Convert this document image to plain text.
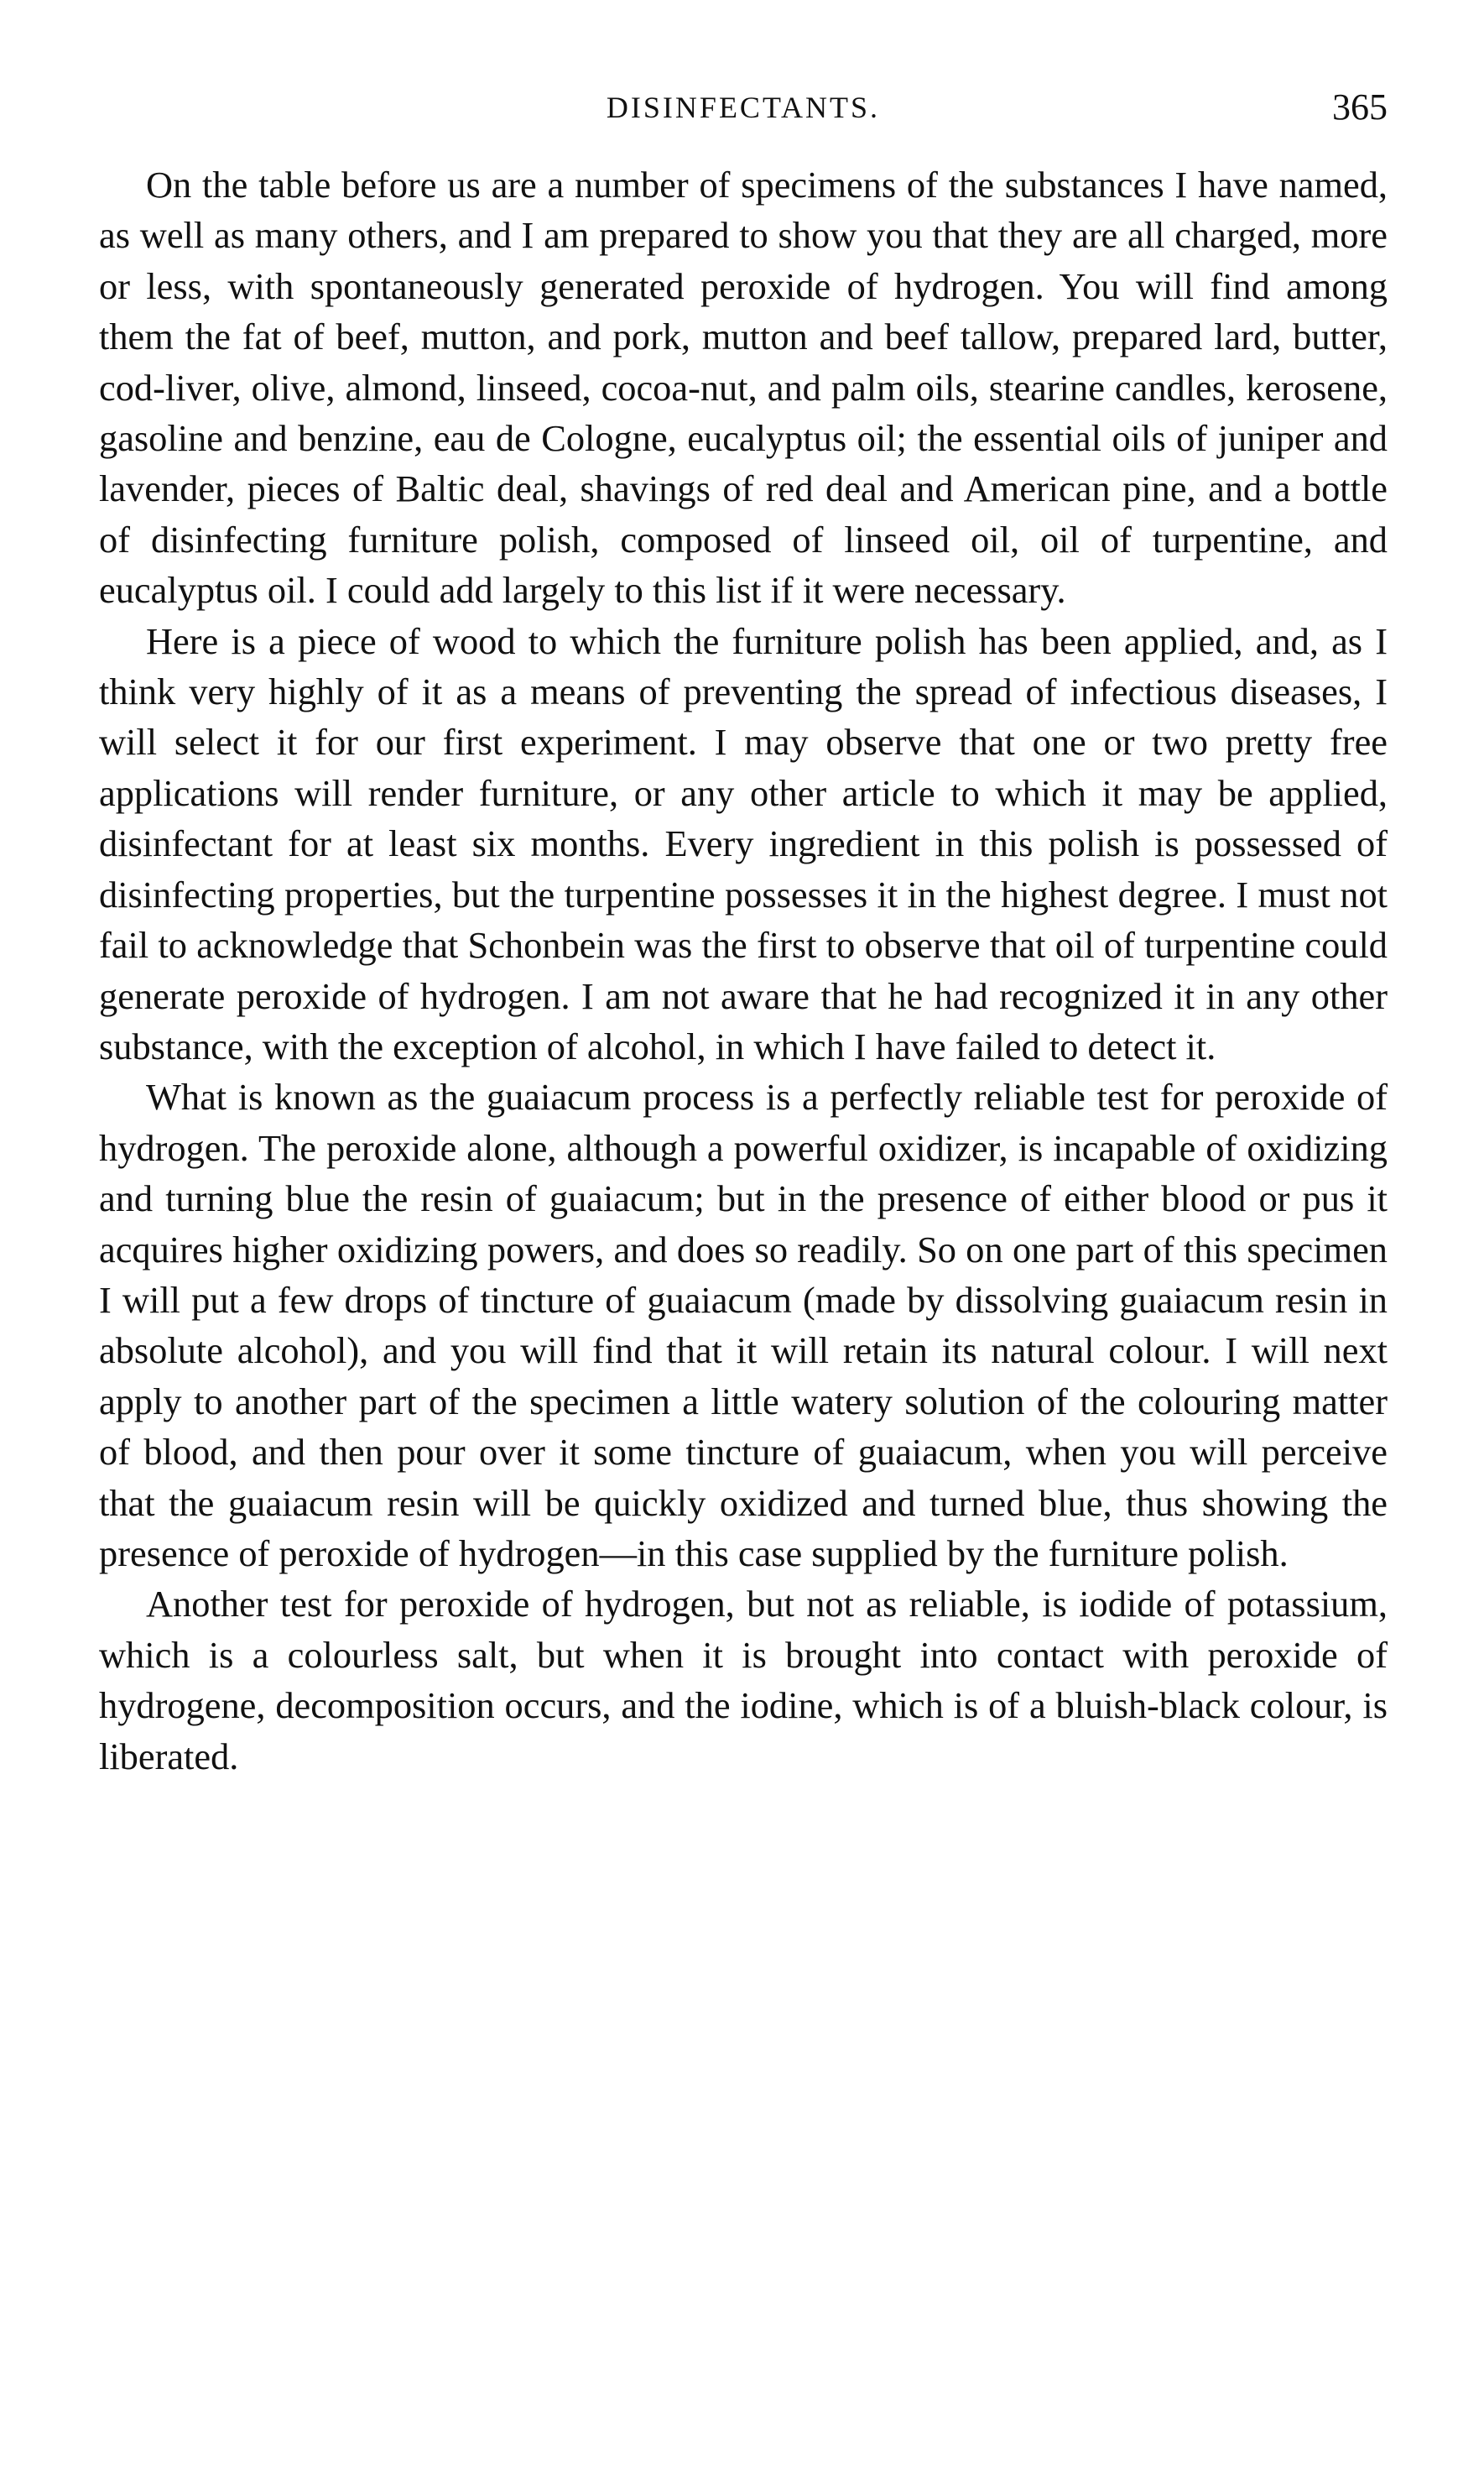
DISINFECTANTS.	365

On the table before us are a number of specimens of the substances I have named, as well as many others, and I am prepared to show you that they are all charged, more or less, with spontaneously generated peroxide of hydrogen. You will find among them the fat of beef, mutton, and pork, mutton and beef tallow, prepared lard, butter, cod-liver, olive, almond, linseed, cocoa-nut, and palm oils, stearine candles, kerosene, gasoline and benzine, eau de Cologne, eucalyptus oil; the essential oils of juniper and lavender, pieces of Baltic deal, shavings of red deal and American pine, and a bottle of disinfecting furniture polish, composed of linseed oil, oil of turpentine, and eucalyptus oil. I could add largely to this list if it were necessary.

Here is a piece of wood to which the furniture polish has been applied, and, as I think very highly of it as a means of preventing the spread of infectious diseases, I will select it for our first experiment. I may observe that one or two pretty free applications will render furniture, or any other article to which it may be applied, disinfectant for at least six months. Every ingredient in this polish is possessed of disinfecting properties, but the turpentine possesses it in the highest degree. I must not fail to acknowledge that Schonbein was the first to observe that oil of turpentine could generate peroxide of hydrogen. I am not aware that he had recognized it in any other substance, with the exception of alcohol, in which I have failed to detect it.

What is known as the guaiacum process is a perfectly reliable test for peroxide of hydrogen. The peroxide alone, although a powerful oxidizer, is incapable of oxidizing and turning blue the resin of guaiacum; but in the presence of either blood or pus it acquires higher oxidizing powers, and does so readily. So on one part of this specimen I will put a few drops of tincture of guaiacum (made by dissolving guaiacum resin in absolute alcohol), and you will find that it will retain its natural colour. I will next apply to another part of the specimen a little watery solution of the colouring matter of blood, and then pour over it some tincture of guaiacum, when you will perceive that the guaiacum resin will be quickly oxidized and turned blue, thus showing the presence of peroxide of hydrogen—in this case supplied by the furniture polish.

Another test for peroxide of hydrogen, but not as reliable, is iodide of potassium, which is a colourless salt, but when it is brought into contact with peroxide of hydrogene, decomposition occurs, and the iodine, which is of a bluish-black colour, is liberated.
